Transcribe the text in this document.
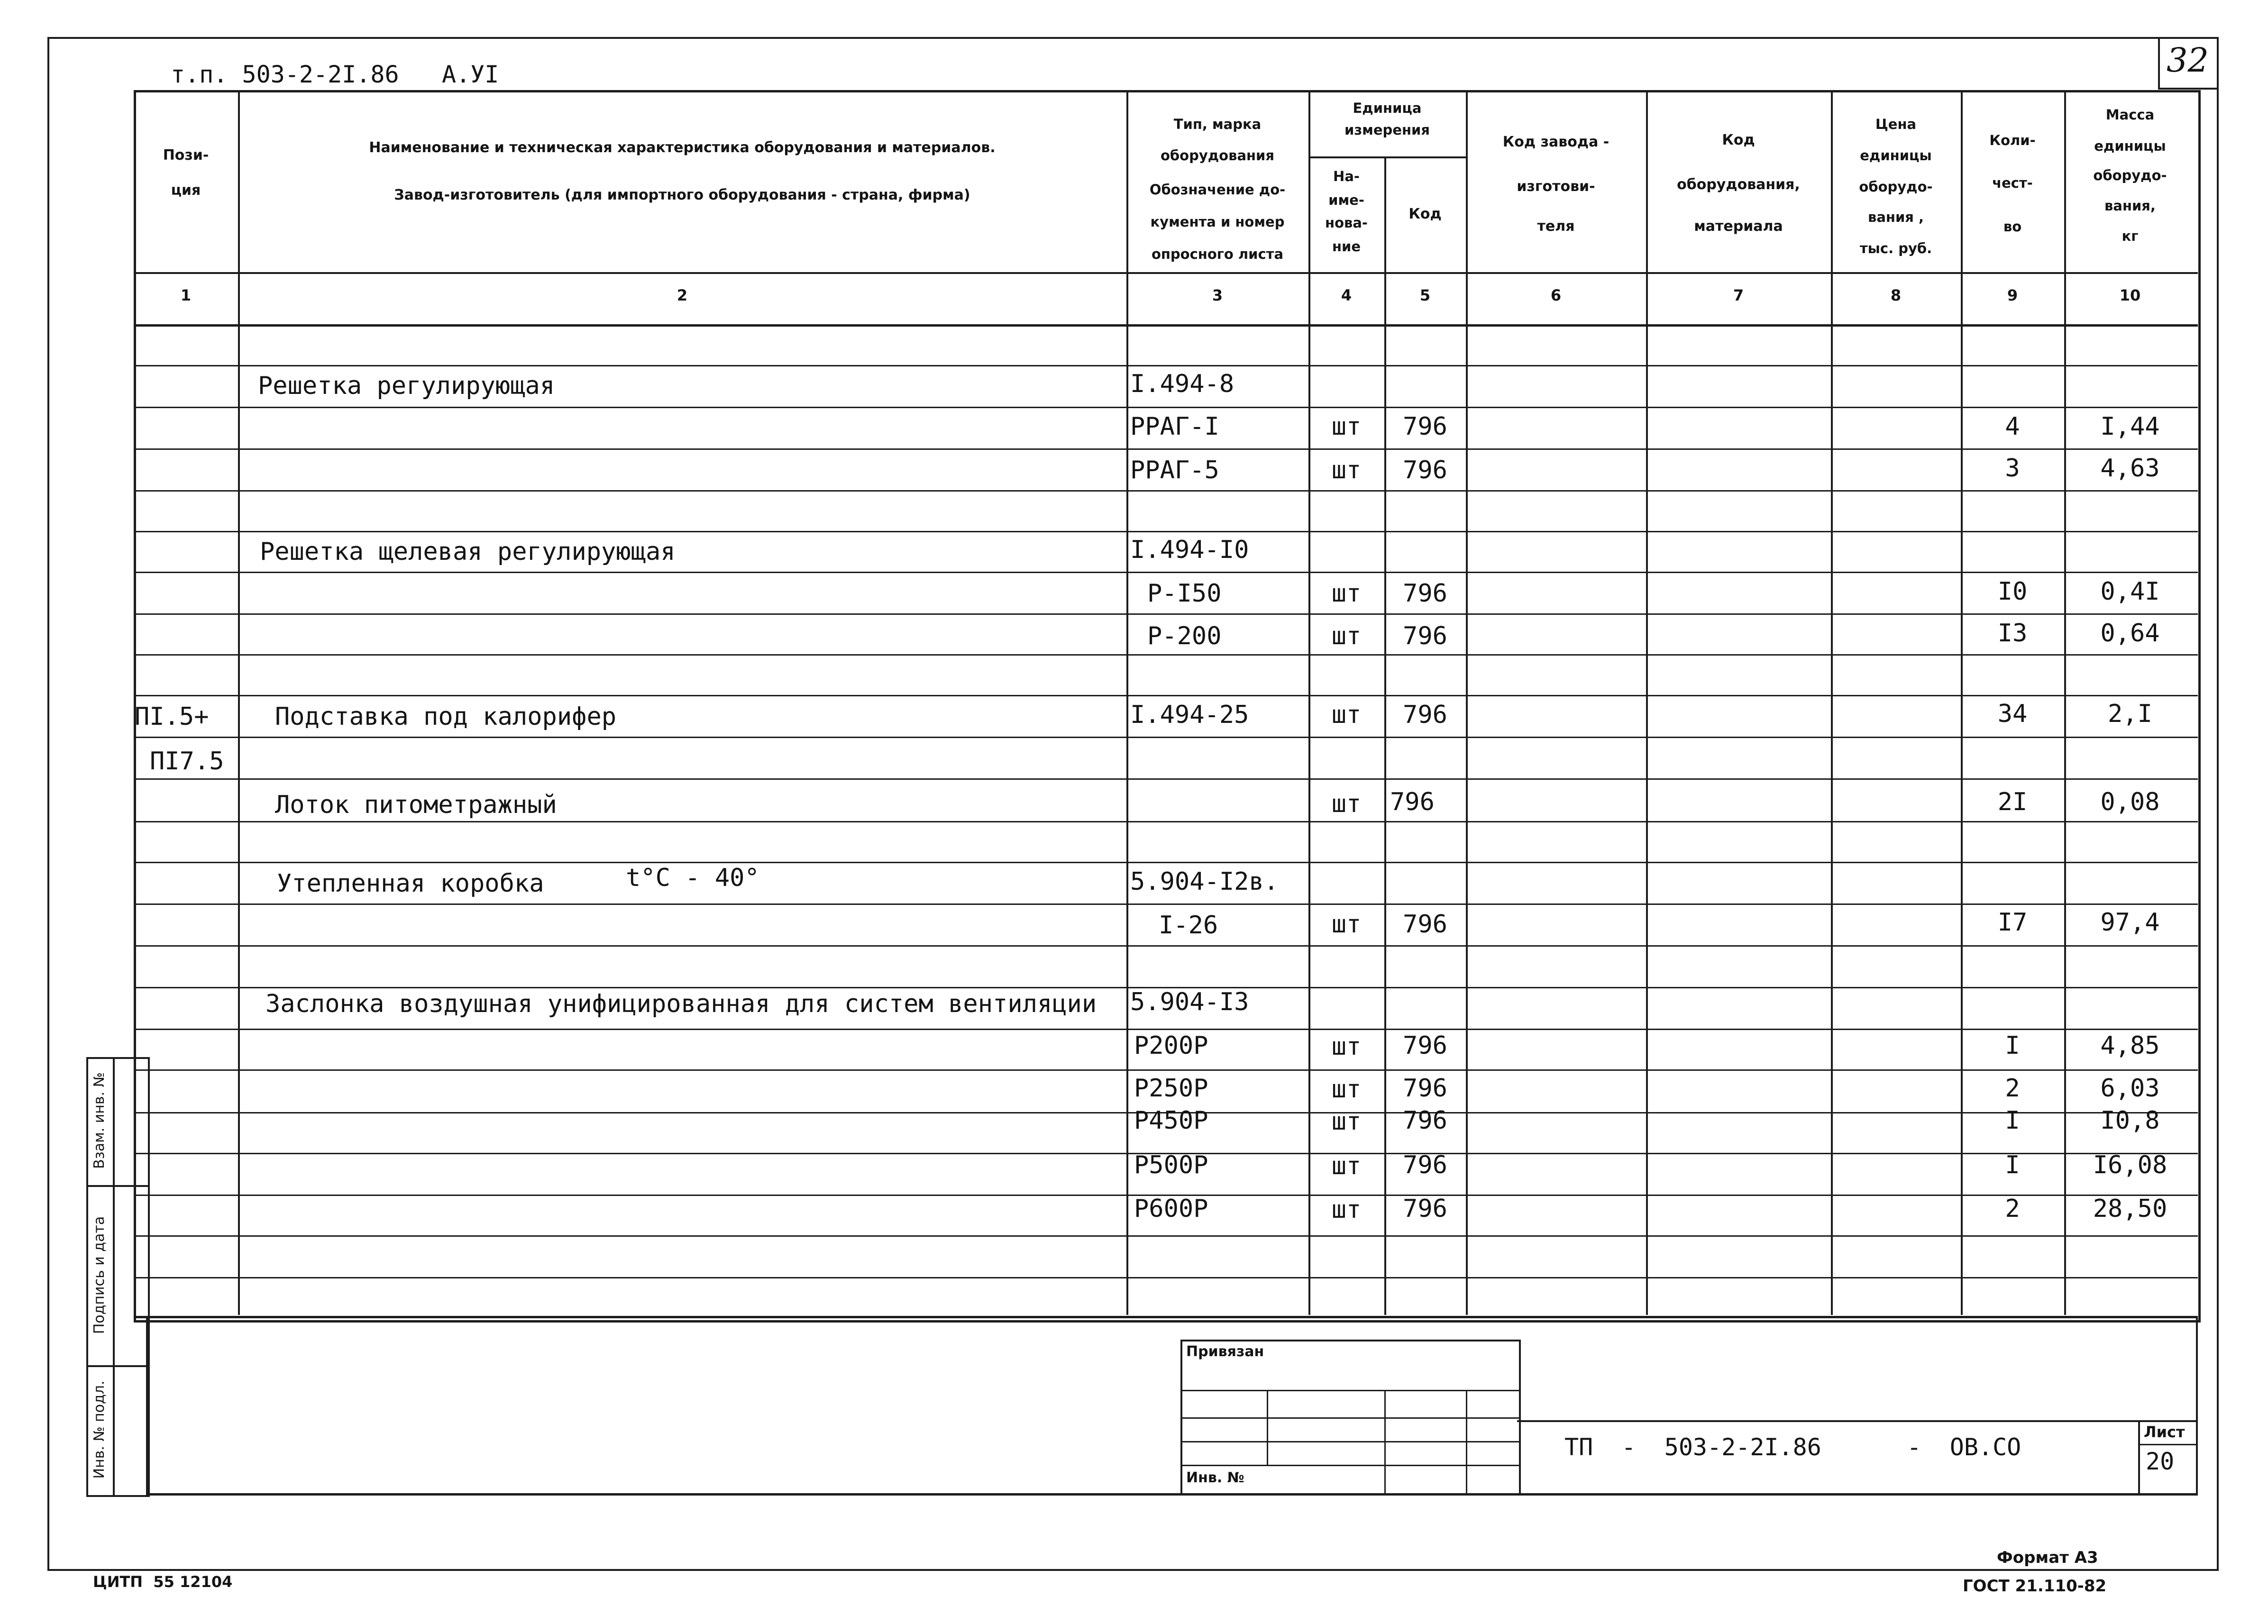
т.п. 503-2-2I.86   А.УI	32
Пози-
ция
Наименование и техническая характеристика оборудования и материалов.
Завод-изготовитель (для импортного оборудования - страна, фирма)
Тип, марка
оборудования
Обозначение до-
кумента и номер
опросного листа
Единица
измерения
На-
име-
нова-
ние
Код
Код завода -
изготови-
теля
Код
оборудования,
материала
Цена
единицы
оборудо-
вания ,
тыс. руб.
Коли-
чест-
во
Масса
единицы
оборудо-
вания,
кг
1	2	3	4	5	6	7	8	9	10
Решетка регулирующая	I.494-8
РРАГ-I	шт	796	4	I,44
РРАГ-5	шт	796	3	4,63
Решетка щелевая регулирующая	I.494-I0
Р-I50	шт	796	I0	0,4I
Р-200	шт	796	I3	0,64
ПI.5+	Подставка под калорифер	I.494-25	шт	796	34	2,I
ПI7.5
Лоток питометражный	шт	796	2I	0,08
Утепленная коробка	t°C - 40°	5.904-I2в.
I-26	шт	796	I7	97,4
Заслонка воздушная унифицированная для систем вентиляции 5.904-I3
Р200Р	шт	796	I	4,85
Р250Р	шт	796	2	6,03
Р450Р	шт	796	I	I0,8
Р500Р	шт	796	I	I6,08
Р600Р	шт	796	2	28,50
Взам. инв. №
Подпись и дата
Инв. № подл.
Привязан
Инв. №
ТП  -  503-2-2I.86      -  ОВ.СО
Лист
20
ЦИТП  55 12104
Формат А3
ГОСТ 21.110-82
